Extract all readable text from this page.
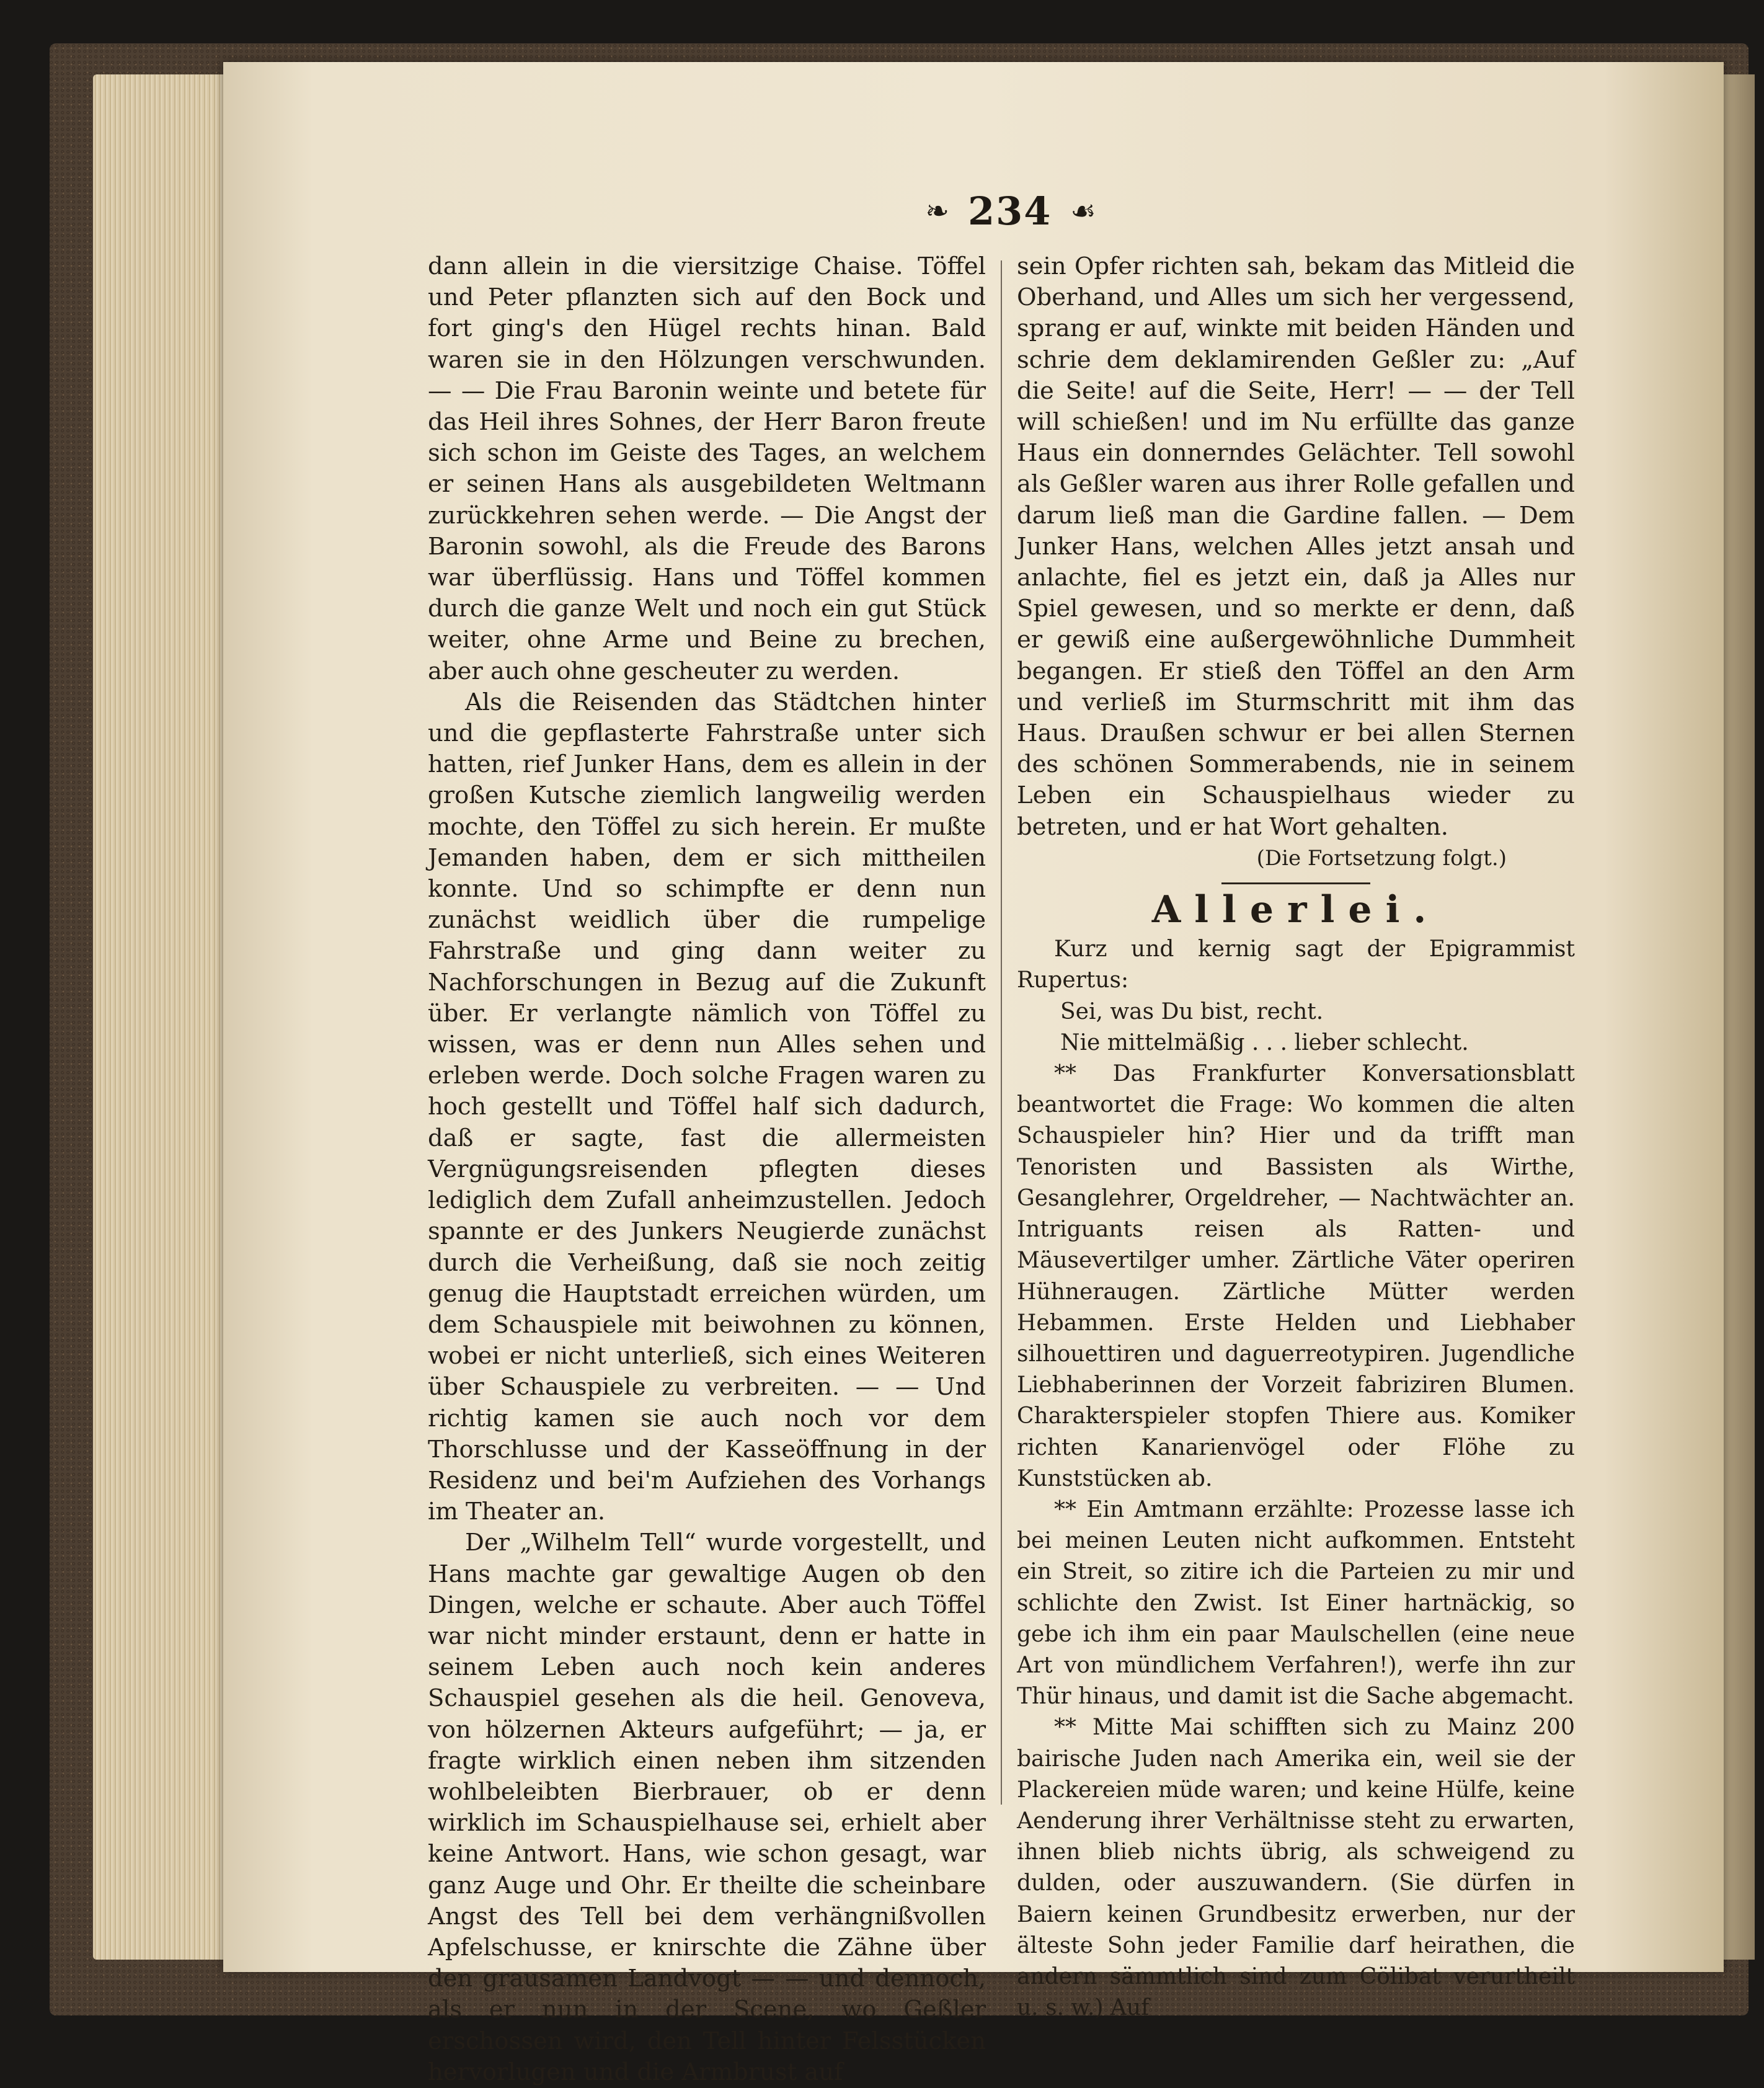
❧ 234 ☙

dann allein in die viersitzige Chaise. Töffel und Peter pflanzten sich auf den Bock und fort ging's den Hügel rechts hinan. Bald waren sie in den Hölzungen verschwunden. — — Die Frau Baronin weinte und betete für das Heil ihres Sohnes, der Herr Baron freute sich schon im Geiste des Tages, an welchem er seinen Hans als ausgebildeten Weltmann zurückkehren sehen werde. — Die Angst der Baronin sowohl, als die Freude des Barons war überflüssig. Hans und Töffel kommen durch die ganze Welt und noch ein gut Stück weiter, ohne Arme und Beine zu brechen, aber auch ohne gescheuter zu werden.

Als die Reisenden das Städtchen hinter und die gepflasterte Fahrstraße unter sich hatten, rief Junker Hans, dem es allein in der großen Kutsche ziemlich langweilig werden mochte, den Töffel zu sich herein. Er mußte Jemanden haben, dem er sich mittheilen konnte. Und so schimpfte er denn nun zunächst weidlich über die rumpelige Fahrstraße und ging dann weiter zu Nachforschungen in Bezug auf die Zukunft über. Er verlangte nämlich von Töffel zu wissen, was er denn nun Alles sehen und erleben werde. Doch solche Fragen waren zu hoch gestellt und Töffel half sich dadurch, daß er sagte, fast die allermeisten Vergnügungsreisenden pflegten dieses lediglich dem Zufall anheimzustellen. Jedoch spannte er des Junkers Neugierde zunächst durch die Verheißung, daß sie noch zeitig genug die Hauptstadt erreichen würden, um dem Schauspiele mit beiwohnen zu können, wobei er nicht unterließ, sich eines Weiteren über Schauspiele zu verbreiten. — — Und richtig kamen sie auch noch vor dem Thorschlusse und der Kasseöffnung in der Residenz und bei'm Aufziehen des Vorhangs im Theater an.

Der „Wilhelm Tell“ wurde vorgestellt, und Hans machte gar gewaltige Augen ob den Dingen, welche er schaute. Aber auch Töffel war nicht minder erstaunt, denn er hatte in seinem Leben auch noch kein anderes Schauspiel gesehen als die heil. Genoveva, von hölzernen Akteurs aufgeführt; — ja, er fragte wirklich einen neben ihm sitzenden wohlbeleibten Bierbrauer, ob er denn wirklich im Schauspielhause sei, erhielt aber keine Antwort. Hans, wie schon gesagt, war ganz Auge und Ohr. Er theilte die scheinbare Angst des Tell bei dem verhängnißvollen Apfelschusse, er knirschte die Zähne über den grausamen Landvogt — — und dennoch, als er nun in der Scene, wo Geßler erschossen wird, den Tell hinter Felsstücken hervorlugen und die Armbrust auf

sein Opfer richten sah, bekam das Mitleid die Oberhand, und Alles um sich her vergessend, sprang er auf, winkte mit beiden Händen und schrie dem deklamirenden Geßler zu: „Auf die Seite! auf die Seite, Herr! — — der Tell will schießen! und im Nu erfüllte das ganze Haus ein donnerndes Gelächter. Tell sowohl als Geßler waren aus ihrer Rolle gefallen und darum ließ man die Gardine fallen. — Dem Junker Hans, welchen Alles jetzt ansah und anlachte, fiel es jetzt ein, daß ja Alles nur Spiel gewesen, und so merkte er denn, daß er gewiß eine außergewöhnliche Dummheit begangen. Er stieß den Töffel an den Arm und verließ im Sturmschritt mit ihm das Haus. Draußen schwur er bei allen Sternen des schönen Sommerabends, nie in seinem Leben ein Schauspielhaus wieder zu betreten, und er hat Wort gehalten.

(Die Fortsetzung folgt.)

Allerlei.

Kurz und kernig sagt der Epigrammist Rupertus:

Sei, was Du bist, recht.

Nie mittelmäßig . . . lieber schlecht.

** Das Frankfurter Konversationsblatt beantwortet die Frage: Wo kommen die alten Schauspieler hin? Hier und da trifft man Tenoristen und Bassisten als Wirthe, Gesanglehrer, Orgeldreher, — Nachtwächter an. Intriguants reisen als Ratten- und Mäusevertilger umher. Zärtliche Väter operiren Hühneraugen. Zärtliche Mütter werden Hebammen. Erste Helden und Liebhaber silhouettiren und daguerreotypiren. Jugendliche Liebhaberinnen der Vorzeit fabriziren Blumen. Charakterspieler stopfen Thiere aus. Komiker richten Kanarienvögel oder Flöhe zu Kunststücken ab.

** Ein Amtmann erzählte: Prozesse lasse ich bei meinen Leuten nicht aufkommen. Entsteht ein Streit, so zitire ich die Parteien zu mir und schlichte den Zwist. Ist Einer hartnäckig, so gebe ich ihm ein paar Maulschellen (eine neue Art von mündlichem Verfahren!), werfe ihn zur Thür hinaus, und damit ist die Sache abgemacht.

** Mitte Mai schifften sich zu Mainz 200 bairische Juden nach Amerika ein, weil sie der Plackereien müde waren; und keine Hülfe, keine Aenderung ihrer Verhältnisse steht zu erwarten, ihnen blieb nichts übrig, als schweigend zu dulden, oder auszuwandern. (Sie dürfen in Baiern keinen Grundbesitz erwerben, nur der älteste Sohn jeder Familie darf heirathen, die andern sämmtlich sind zum Cölibat verurtheilt u. s. w.) Auf
